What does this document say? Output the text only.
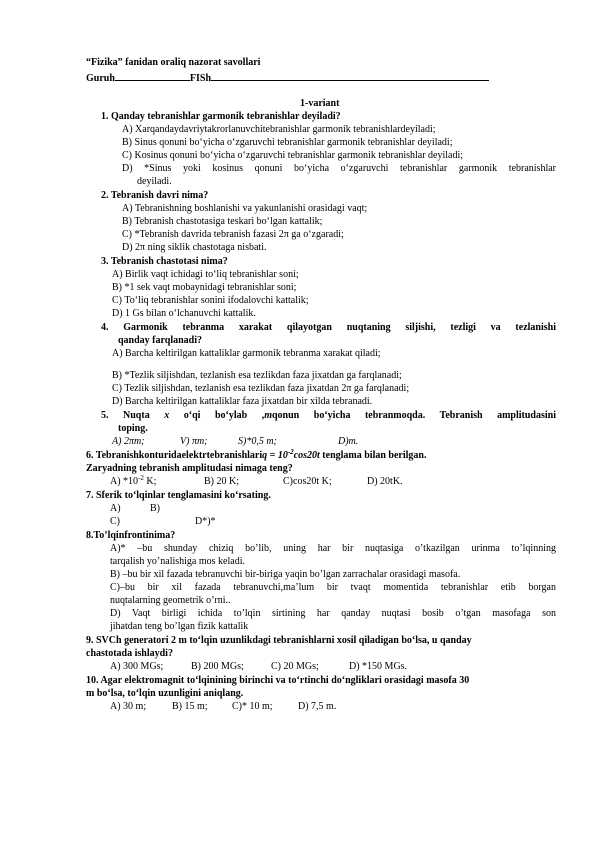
“Fizika” fanidan oraliq nazorat savollari
Guruh	FISh
1-variant
1. Qanday tebranishlar garmonik tebranishlar deyiladi?
A) Xarqandaydavriytakrorlanuvchitebranishlar garmonik tebranishlardeyiladi;
B) Sinus qonuni bo‘yicha o‘zgaruvchi tebranishlar garmonik tebranishlar deyiladi;
C) Kosinus qonuni bo‘yicha o‘zgaruvchi tebranishlar garmonik tebranishlar deyiladi;
D) *Sinus yoki kosinus qonuni bo‘yicha o‘zgaruvchi tebranishlar garmonik tebranishlar
deyiladi.
2. Tebranish davri nima?
A) Tebranishning boshlanishi va yakunlanishi orasidagi vaqt;
B) Tebranish chastotasiga teskari bo‘lgan kattalik;
C) *Tebranish davrida tebranish fazasi 2π ga o‘zgaradi;
D) 2π ning siklik chastotaga nisbati.
3. Tebranish chastotasi nima?
A) Birlik vaqt ichidagi to‘liq tebranishlar soni;
B) *1 sek vaqt mobaynidagi tebranishlar soni;
C) To‘liq tebranishlar sonini ifodalovchi kattalik;
D) 1 Gs bilan o‘lchanuvchi kattalik.
4. Garmonik tebranma xarakat qilayotgan nuqtaning siljishi, tezligi va tezlanishi
qanday farqlanadi?
A) Barcha keltirilgan kattaliklar garmonik tebranma xarakat qiladi;
B) *Tezlik siljishdan, tezlanish esa tezlikdan faza jixatdan ga farqlanadi;
C) Tezlik siljishdan, tezlanish esa tezlikdan faza jixatdan 2π ga farqlanadi;
D) Barcha keltirilgan kattaliklar faza jixatdan bir xilda tebranadi.
5. Nuqta x o‘qi bo‘ylab ,mqonun bo‘yicha tebranmoqda. Tebranish amplitudasini
toping.
A) 2πm;	V) πm;	S)*0,5 m;	D)m.
6. Tebranishkonturidaelektrtebranishlariq = $10^{-2}\cos 20t$ tenglama bilan berilgan.
Zaryadning tebranish amplitudasi nimaga teng?
A) $*10^{-2}$ K;	B) 20 K;	C)cos20t K;	D) 20tK.
7. Sferik to‘lqinlar tenglamasini ko‘rsating.
A)	B)
C)	D*)*
8.To’lqinfrontinima?
A)* –bu shunday chiziq bo’lib, uning har bir nuqtasiga o’tkazilgan urinma to’lqinning
tarqalish yo’nalishiga mos keladi.
B) –bu bir xil fazada tebranuvchi bir-biriga yaqin bo’lgan zarrachalar orasidagi masofa.
C)–bu bir xil fazada tebranuvchi,ma’lum bir tvaqt momentida tebranishlar etib borgan
nuqtalarning geometrik o’rni..
D) Vaqt birligi ichida to’lqin sirtining har qanday nuqtasi bosib o’tgan masofaga son
jihatdan teng bo’lgan fizik kattalik
9. SVCh generatori 2 m to‘lqin uzunlikdagi tebranishlarni xosil qiladigan bo‘lsa, u qanday
chastotada ishlaydi?
A) 300 MGs;	B) 200 MGs;	C) 20 MGs;	D) *150 MGs.
10. Agar elektromagnit to‘lqinining birinchi va to‘rtinchi do‘ngliklari orasidagi masofa 30
m bo‘lsa, to‘lqin uzunligini aniqlang.
A) 30 m;	B) 15 m; C)* 10 m;	D) 7,5 m.
